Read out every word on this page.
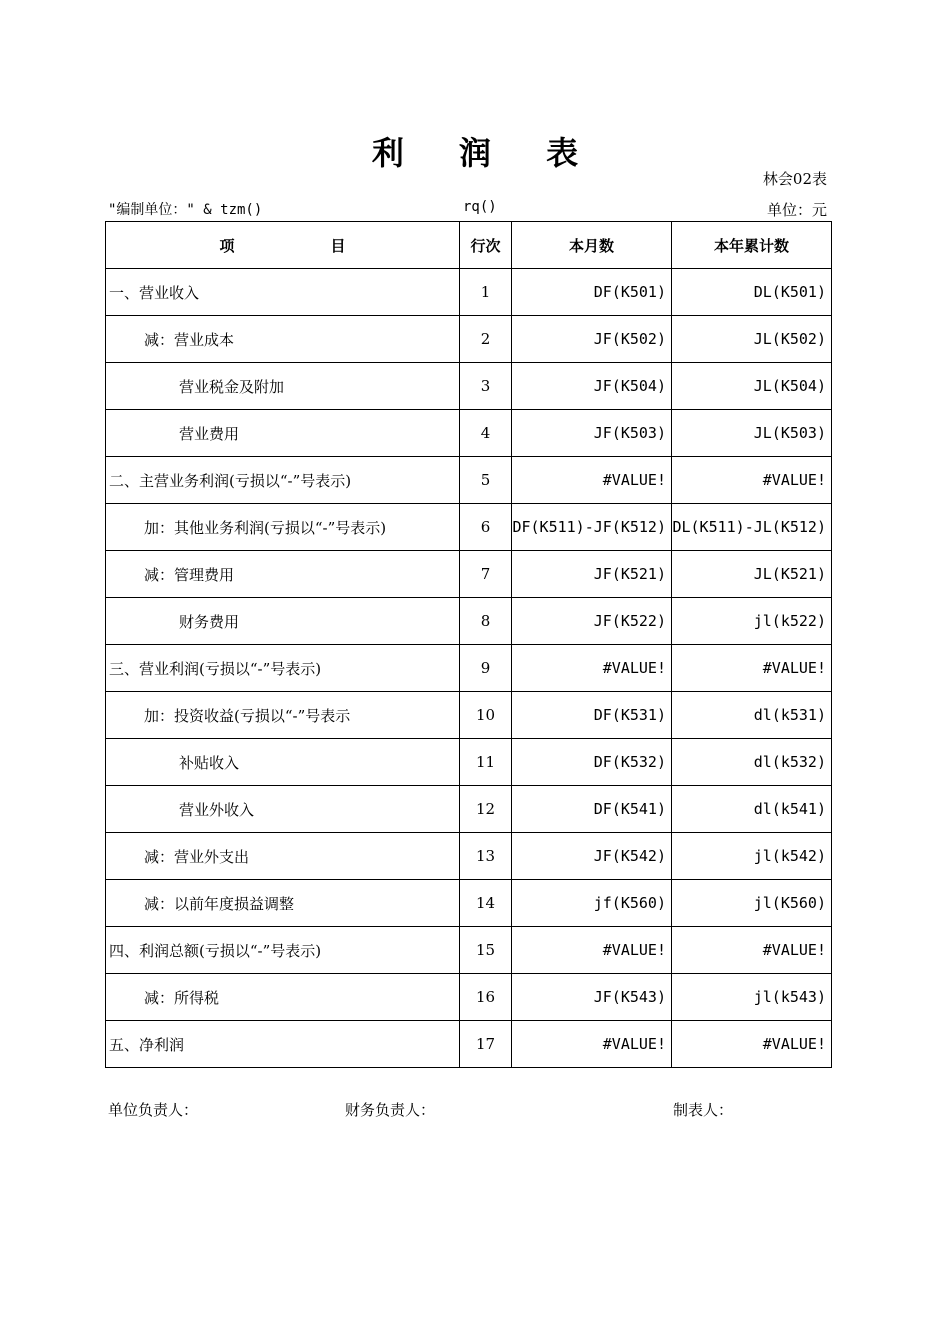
利 润 表
林会02表
"编制单位：" & tzm()	rq()	单位：元
项 目	行次	本月数	本年累计数
一、营业收入	1	DF(K501)	DL(K501)
减：营业成本	2	JF(K502)	JL(K502)
营业税金及附加	3	JF(K504)	JL(K504)
营业费用	4	JF(K503)	JL(K503)
二、主营业务利润(亏损以“-”号表示)	5	#VALUE!	#VALUE!
加：其他业务利润(亏损以“-”号表示)	6	DF(K511)-JF(K512)	DL(K511)-JL(K512)
减：管理费用	7	JF(K521)	JL(K521)
财务费用	8	JF(K522)	jl(k522)
三、营业利润(亏损以“-”号表示)	9	#VALUE!	#VALUE!
加：投资收益(亏损以“-”号表示	10	DF(K531)	dl(k531)
补贴收入	11	DF(K532)	dl(k532)
营业外收入	12	DF(K541)	dl(k541)
减：营业外支出	13	JF(K542)	jl(k542)
减：以前年度损益调整	14	jf(K560)	jl(K560)
四、利润总额(亏损以“-”号表示)	15	#VALUE!	#VALUE!
减：所得税	16	JF(K543)	jl(k543)
五、净利润	17	#VALUE!	#VALUE!
单位负责人：	财务负责人：	制表人：
